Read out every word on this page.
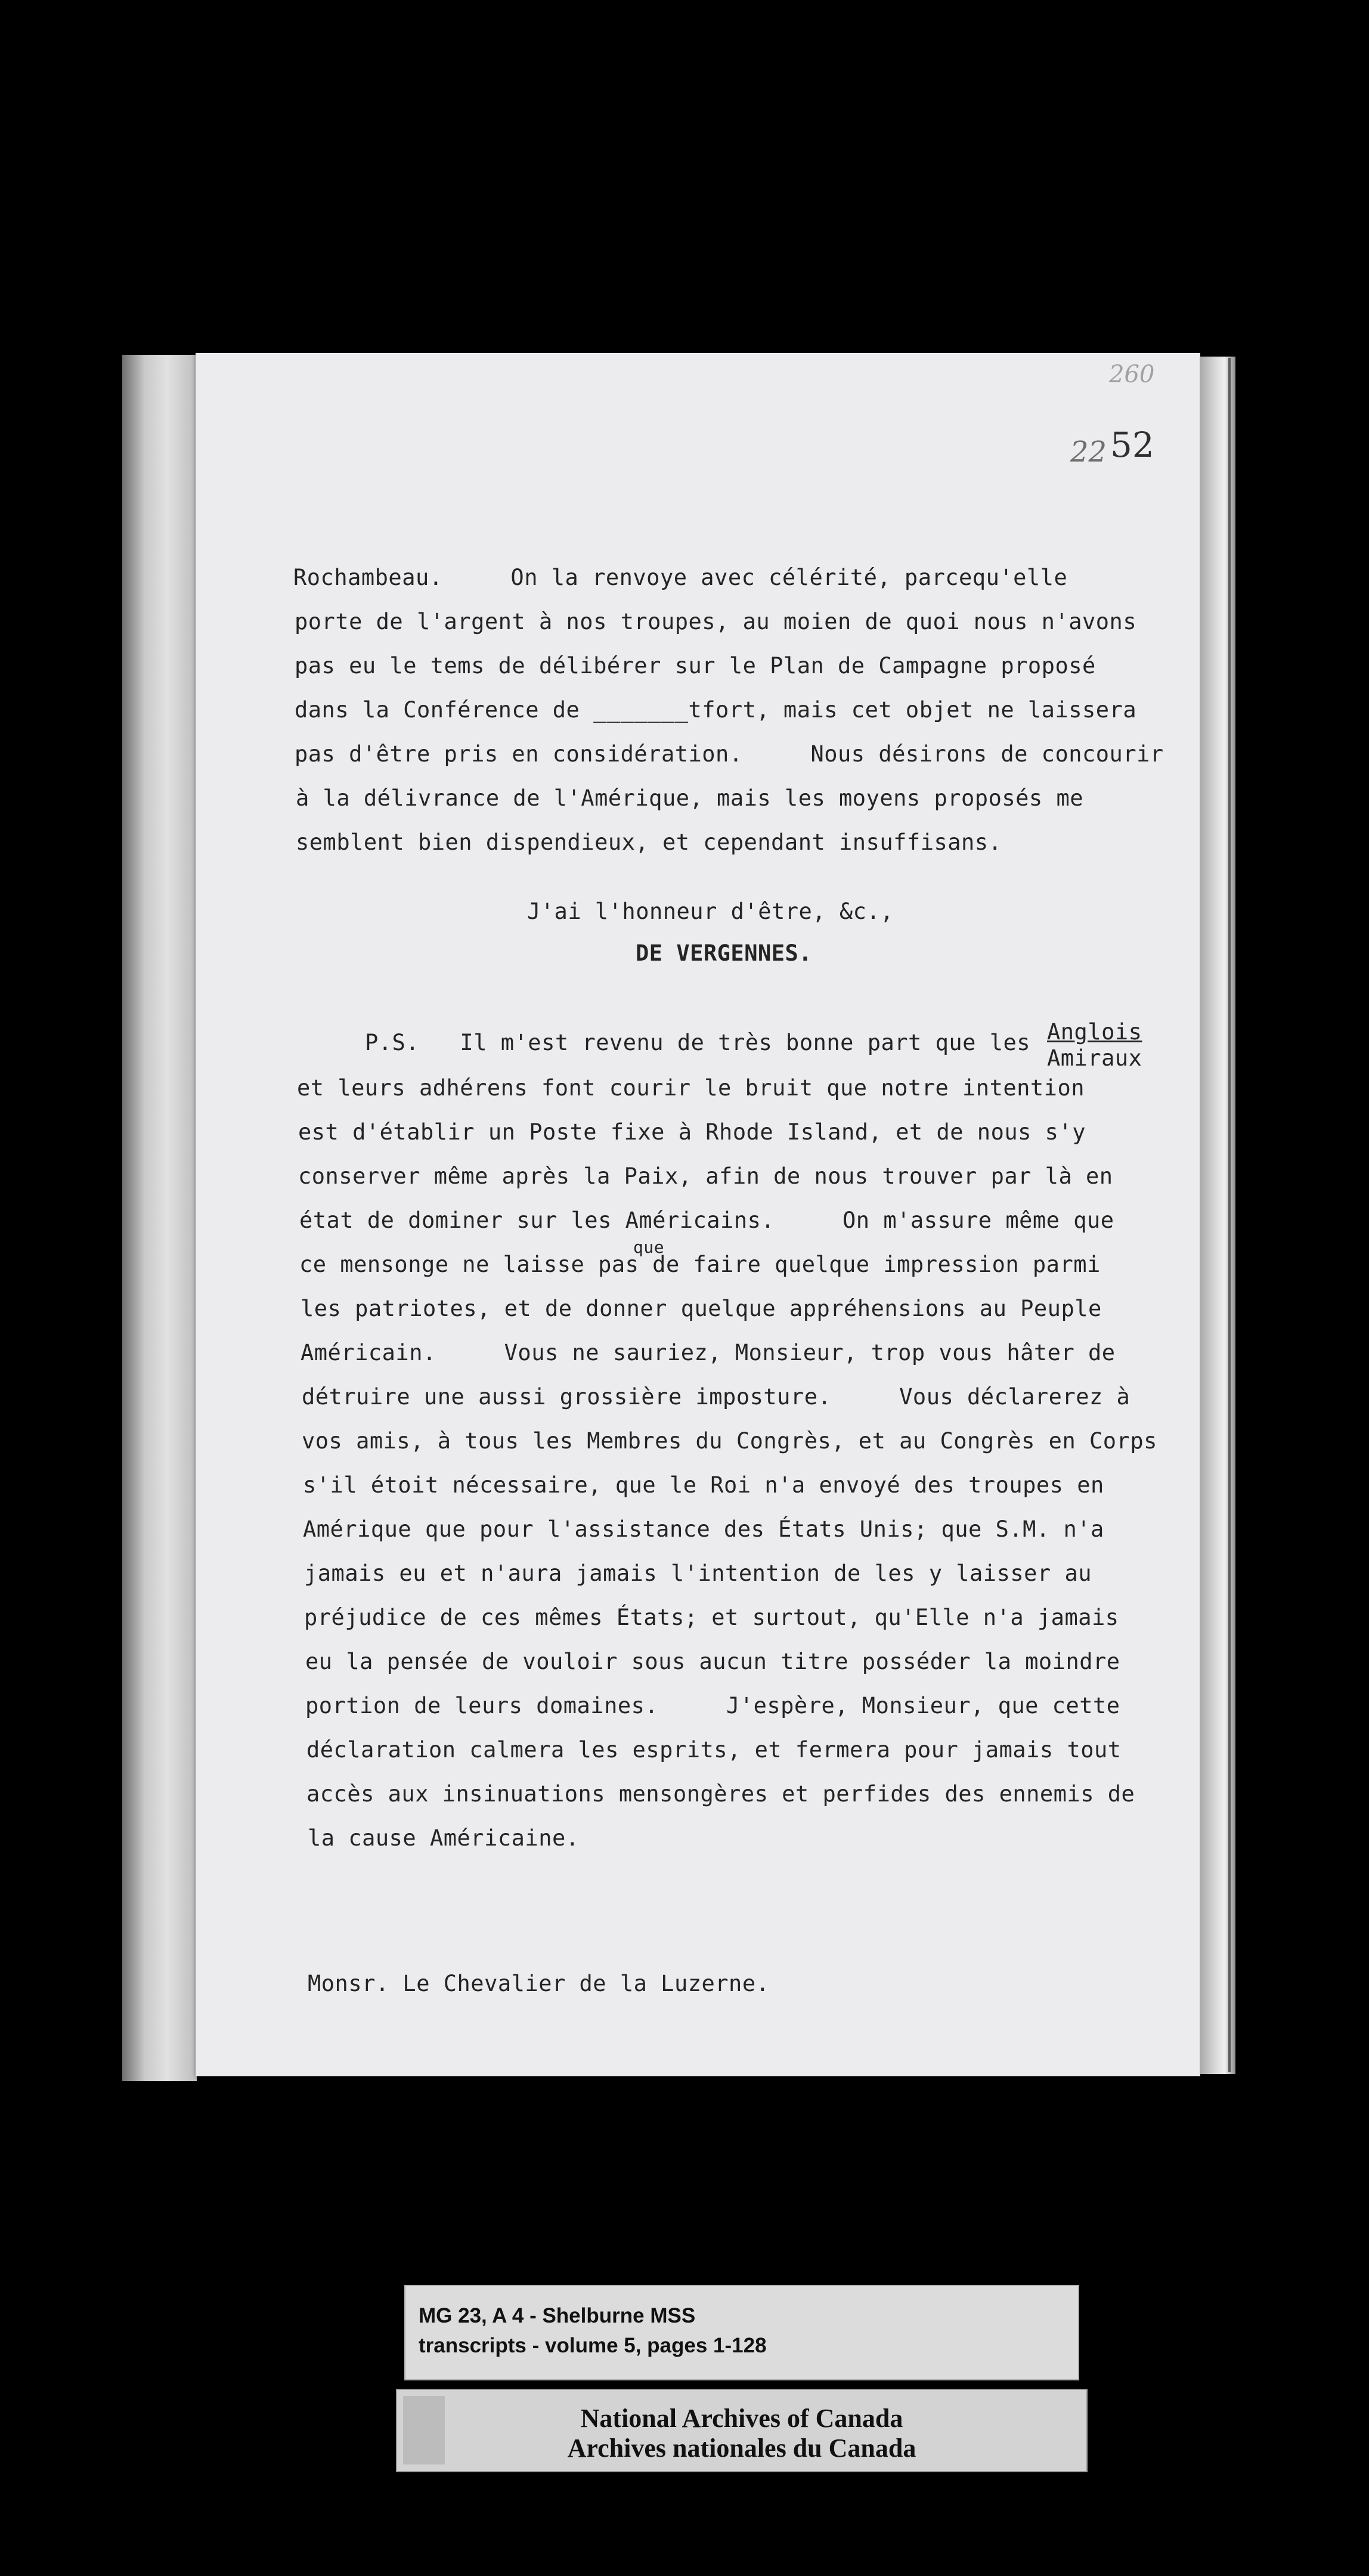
260
22 52
Rochambeau.     On la renvoye avec célérité, parcequ'elle
porte de l'argent à nos troupes, au moien de quoi nous n'avons
pas eu le tems de délibérer sur le Plan de Campagne proposé
dans la Conférence de _______tfort, mais cet objet ne laissera
pas d'être pris en considération.     Nous désirons de concourir
à la délivrance de l'Amérique, mais les moyens proposés me
semblent bien dispendieux, et cependant insuffisans.
J'ai l'honneur d'être, &c.,
DE VERGENNES.
P.S.   Il m'est revenu de très bonne part que les Anglois
Amiraux
et leurs adhérens font courir le bruit que notre intention
est d'établir un Poste fixe à Rhode Island, et de nous s'y
conserver même après la Paix, afin de nous trouver par là en
état de dominer sur les Américains.     On m'assure même que
que
ce mensonge ne laisse pas de faire quelque impression parmi
les patriotes, et de donner quelque appréhensions au Peuple
Américain.     Vous ne sauriez, Monsieur, trop vous hâter de
détruire une aussi grossière imposture.     Vous déclarerez à
vos amis, à tous les Membres du Congrès, et au Congrès en Corps
s'il étoit nécessaire, que le Roi n'a envoyé des troupes en
Amérique que pour l'assistance des États Unis; que S.M. n'a
jamais eu et n'aura jamais l'intention de les y laisser au
préjudice de ces mêmes États; et surtout, qu'Elle n'a jamais
eu la pensée de vouloir sous aucun titre posséder la moindre
portion de leurs domaines.     J'espère, Monsieur, que cette
déclaration calmera les esprits, et fermera pour jamais tout
accès aux insinuations mensongères et perfides des ennemis de
la cause Américaine.
Monsr. Le Chevalier de la Luzerne.
MG 23, A 4 - Shelburne MSS
transcripts - volume 5, pages 1-128
National Archives of Canada
Archives nationales du Canada
